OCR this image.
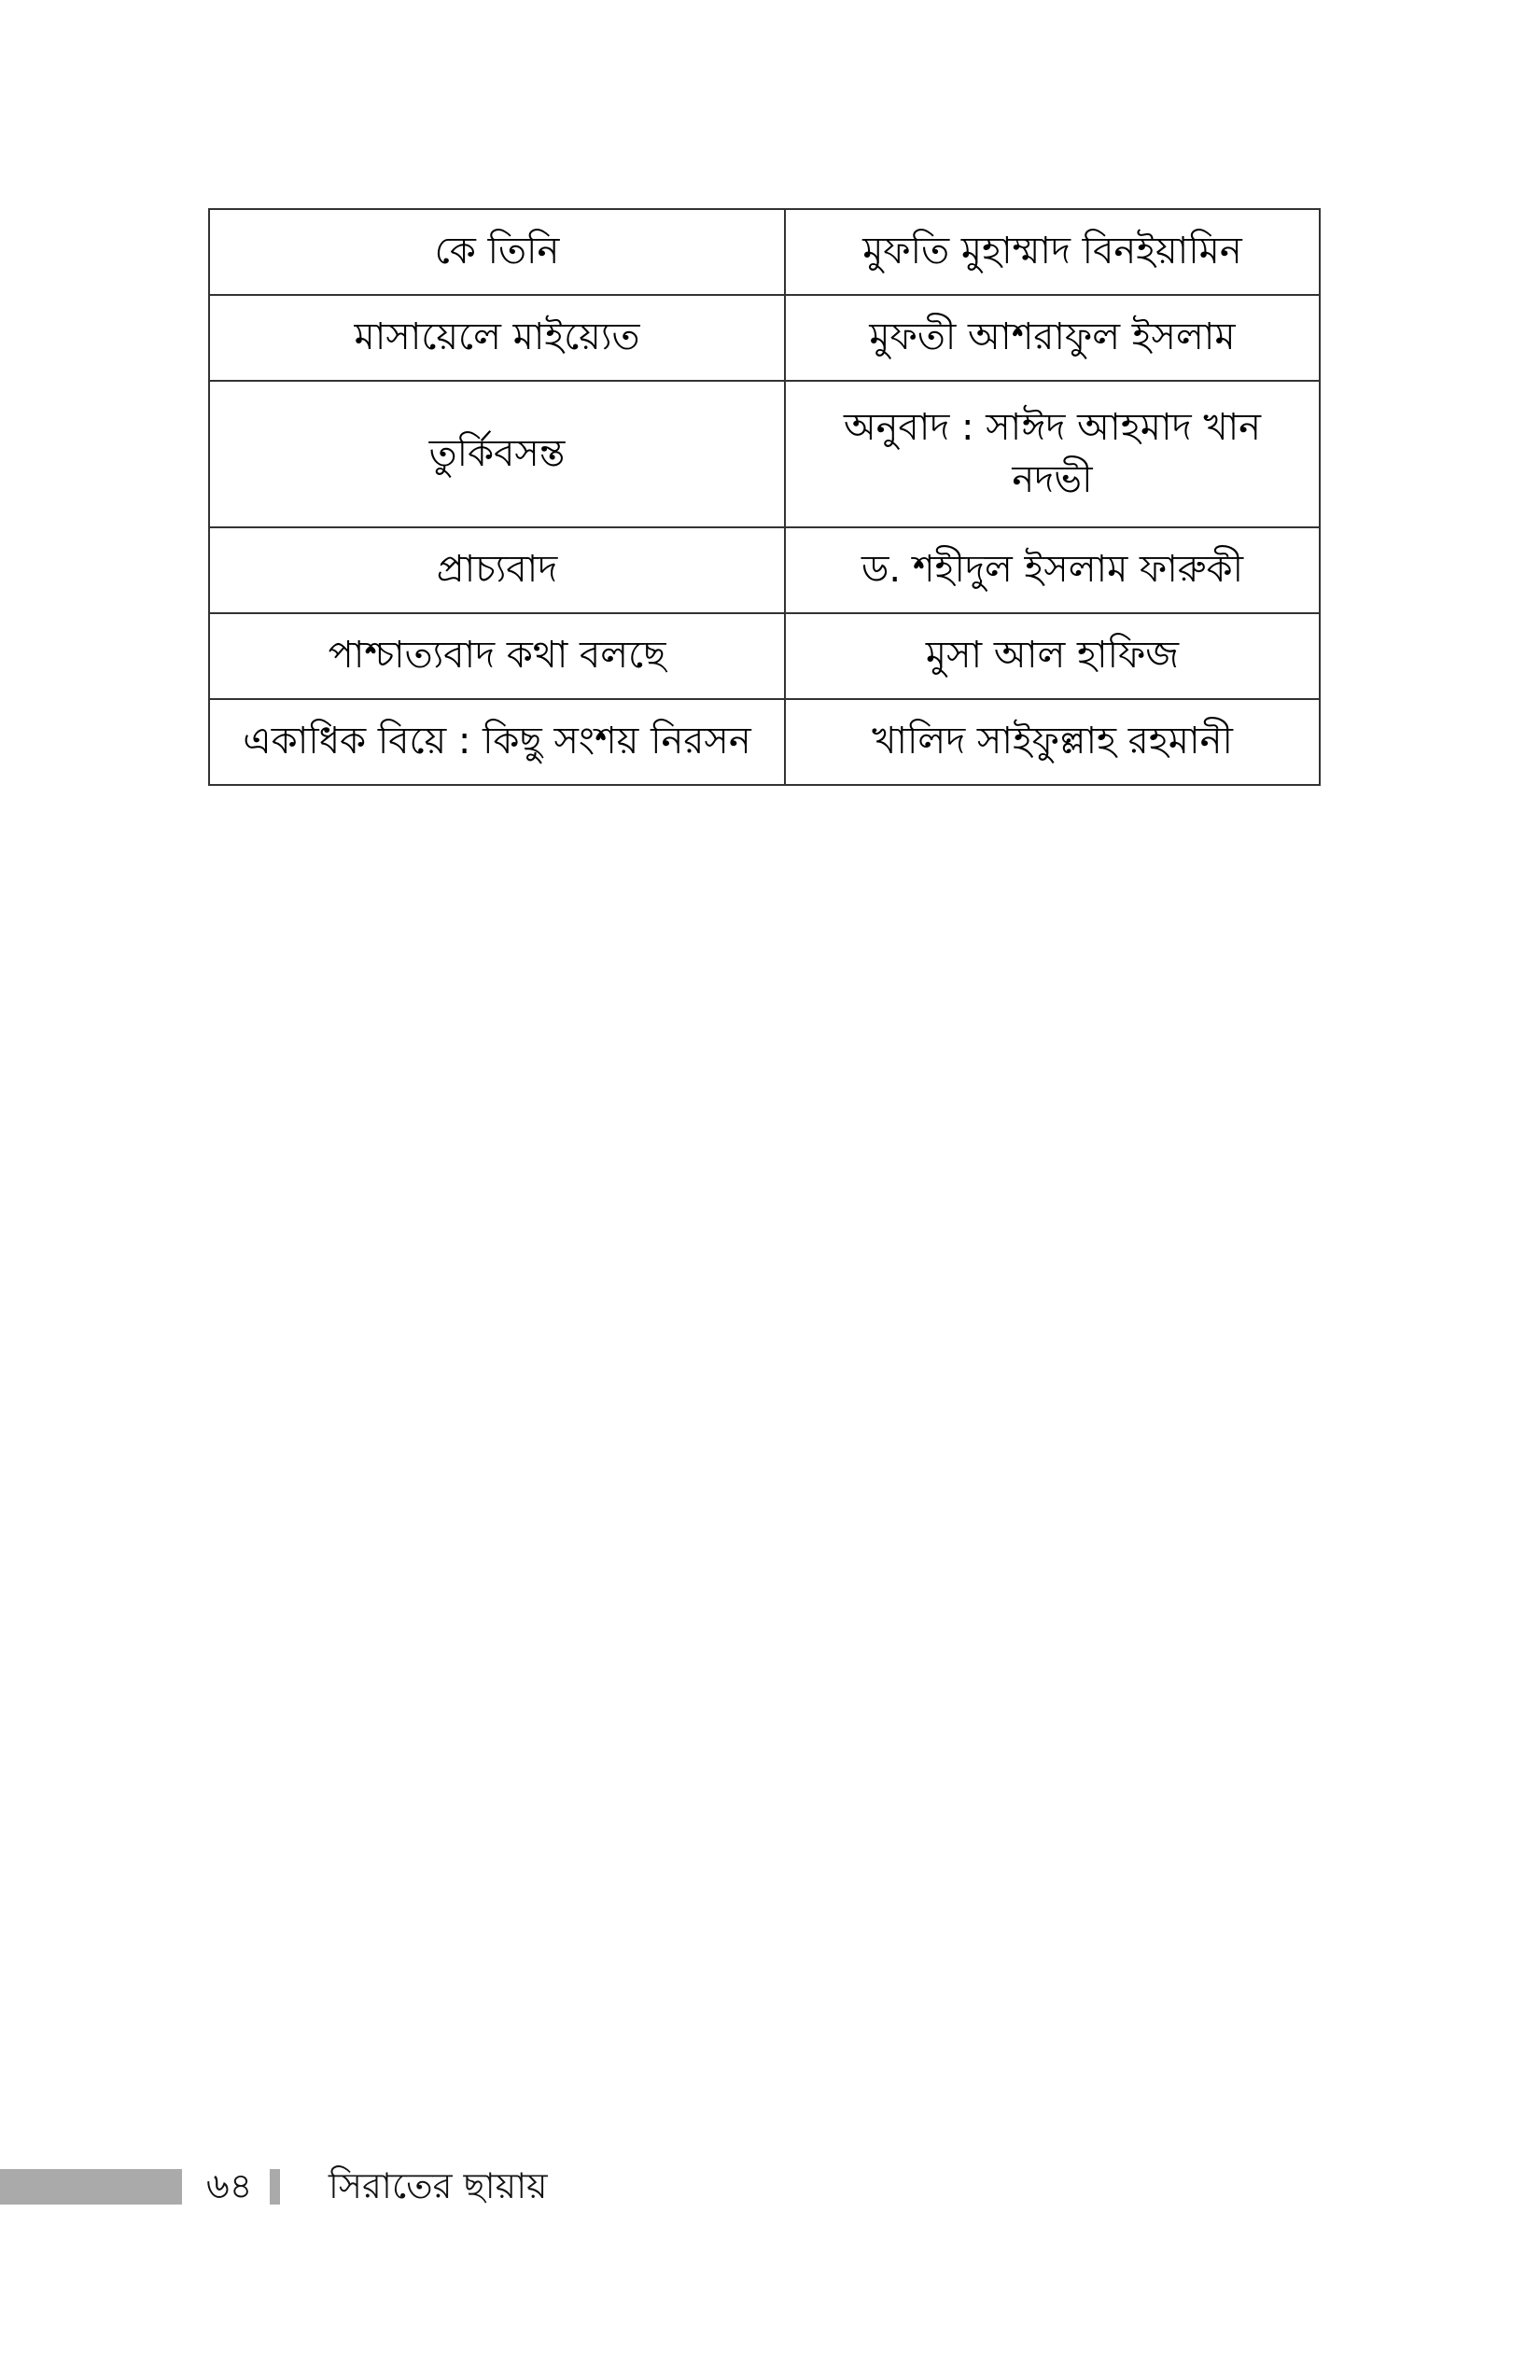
কে তিনি	মুফতি মুহাম্মাদ বিনইয়ামিন
মাসায়েলে মাইয়্যেত	মুফতী আশরাফুল ইসলাম
তুর্কিবসন্ত	অনুবাদ : সাঈদ আহমাদ খান নদভী
প্রাচ্যবাদ	ড. শহীদুল ইসলাম ফারুকী
পাশ্চাত্যবাদ কথা বলছে	মুসা আল হাফিজ
একাধিক বিয়ে : কিছু সংশয় নিরসন	খালিদ সাইফুল্লাহ রহমানী
৬৪ সিরাতের ছায়ায়
